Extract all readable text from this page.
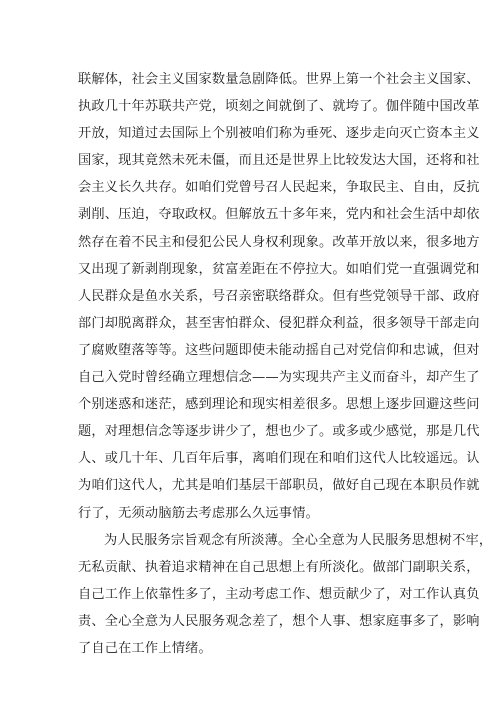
联解体，社会主义国家数量急剧降低。世界上第一个社会主义国家、
执政几十年苏联共产党，顷刻之间就倒了、就垮了。伽伴随中国改革
开放，知道过去国际上个别被咱们称为垂死、逐步走向灭亡资本主义
国家，现其竟然未死未僵，而且还是世界上比较发达大国，还将和社
会主义长久共存。如咱们党曾号召人民起来，争取民主、自由，反抗
剥削、压迫，夺取政权。但解放五十多年来，党内和社会生活中却依
然存在着不民主和侵犯公民人身权利现象。改革开放以来，很多地方
又出现了新剥削现象，贫富差距在不停拉大。如咱们党一直强调党和
人民群众是鱼水关系，号召亲密联络群众。但有些党领导干部、政府
部门却脱离群众，甚至害怕群众、侵犯群众利益，很多领导干部走向
了腐败堕落等等。这些问题即使未能动摇自己对党信仰和忠诚，但对
自己入党时曾经确立理想信念——为实现共产主义而奋斗，却产生了
个别迷惑和迷茫，感到理论和现实相差很多。思想上逐步回避这些问
题，对理想信念等逐步讲少了，想也少了。或多或少感觉，那是几代
人、或几十年、几百年后事，离咱们现在和咱们这代人比较遥远。认
为咱们这代人，尤其是咱们基层干部职员，做好自己现在本职员作就
行了，无须动脑筋去考虑那么久远事情。
为人民服务宗旨观念有所淡薄。全心全意为人民服务思想树不牢，
无私贡献、执着追求精神在自己思想上有所淡化。做部门副职关系，
自己工作上依靠性多了，主动考虑工作、想贡献少了，对工作认真负
责、全心全意为人民服务观念差了，想个人事、想家庭事多了，影响
了自己在工作上情绪。
